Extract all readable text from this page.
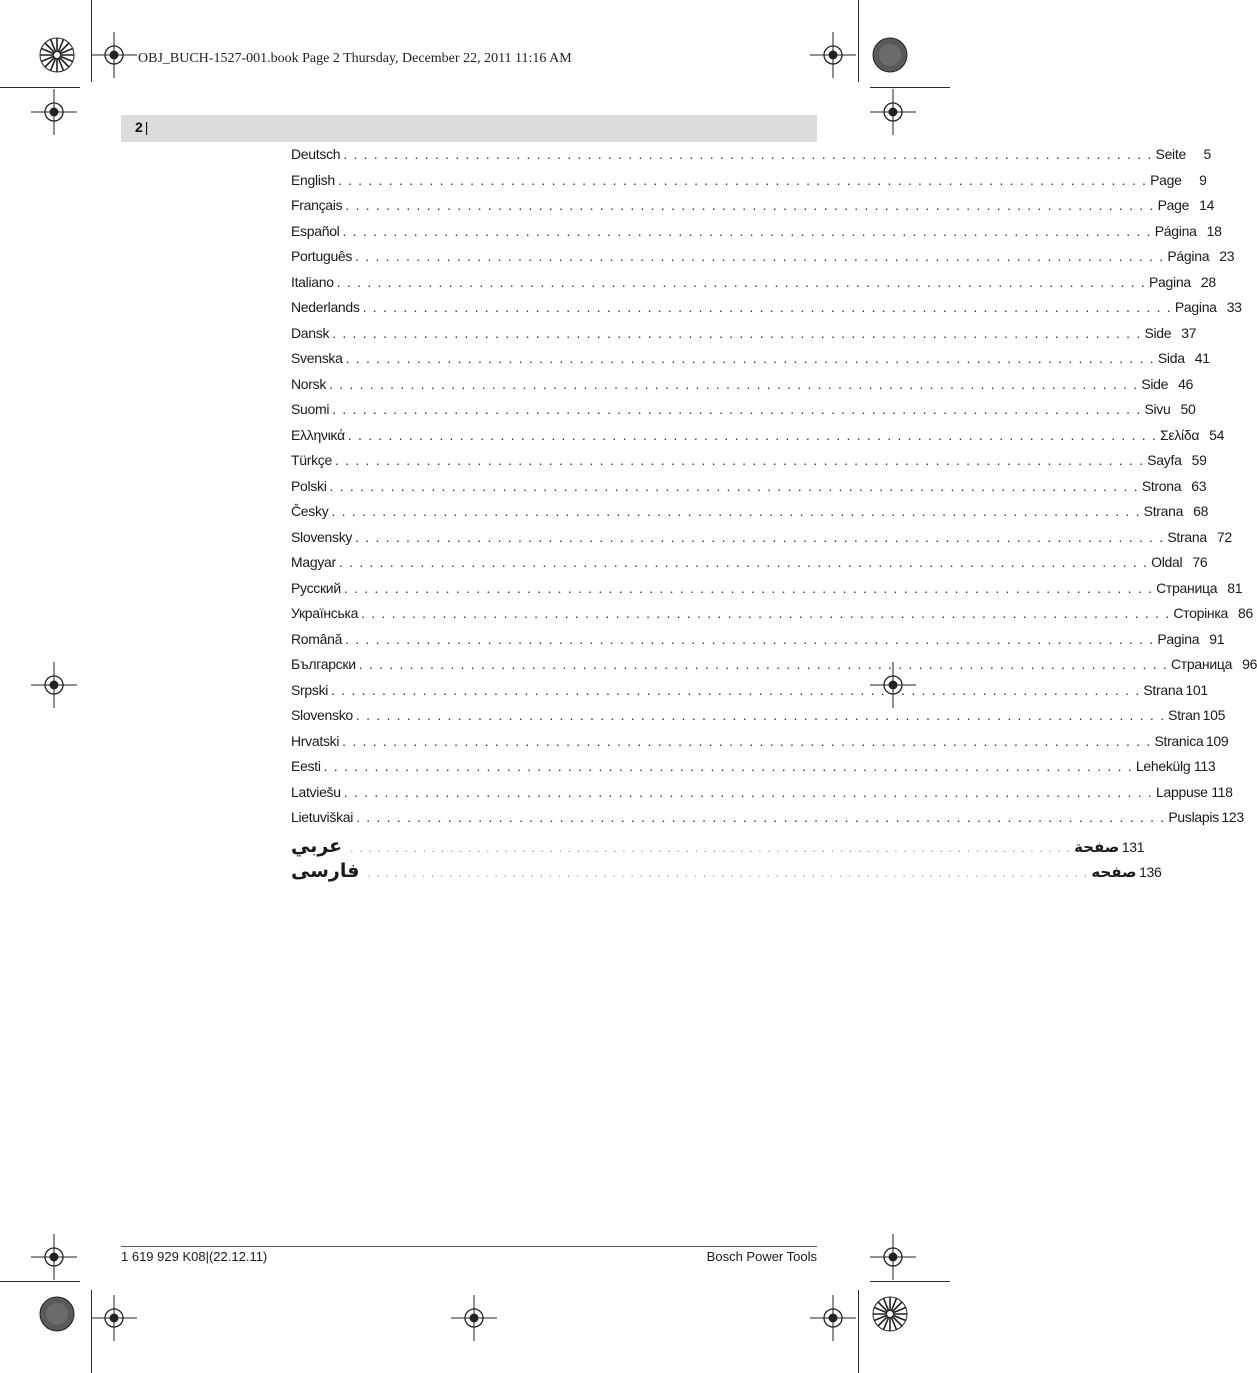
OBJ_BUCH-1527-001.book Page 2 Thursday, December 22, 2011 11:16 AM
2 |
Deutsch . . . . . . . . . . . . . . . . . . . . . . . . . . . . . . . . . . . . . . . . . . . . . . . . . . . . . . . . . . . . . . . . . . . . . . . . . . . . . . . . Seite	5
English . . . . . . . . . . . . . . . . . . . . . . . . . . . . . . . . . . . . . . . . . . . . . . . . . . . . . . . . . . . . . . . . . . . . . . . . . . . . . . . . Page	9
Français . . . . . . . . . . . . . . . . . . . . . . . . . . . . . . . . . . . . . . . . . . . . . . . . . . . . . . . . . . . . . . . . . . . . . . . . . . . . . . . . Page 14
Español . . . . . . . . . . . . . . . . . . . . . . . . . . . . . . . . . . . . . . . . . . . . . . . . . . . . . . . . . . . . . . . . . . . . . . . . . . . . . . . . Página 18
Português . . . . . . . . . . . . . . . . . . . . . . . . . . . . . . . . . . . . . . . . . . . . . . . . . . . . . . . . . . . . . . . . . . . . . . . . . . . . . . . . Página 23
Italiano . . . . . . . . . . . . . . . . . . . . . . . . . . . . . . . . . . . . . . . . . . . . . . . . . . . . . . . . . . . . . . . . . . . . . . . . . . . . . . . . Pagina 28
Nederlands . . . . . . . . . . . . . . . . . . . . . . . . . . . . . . . . . . . . . . . . . . . . . . . . . . . . . . . . . . . . . . . . . . . . . . . . . . . . . . . . Pagina 33
Dansk . . . . . . . . . . . . . . . . . . . . . . . . . . . . . . . . . . . . . . . . . . . . . . . . . . . . . . . . . . . . . . . . . . . . . . . . . . . . . . . . Side 37
Svenska . . . . . . . . . . . . . . . . . . . . . . . . . . . . . . . . . . . . . . . . . . . . . . . . . . . . . . . . . . . . . . . . . . . . . . . . . . . . . . . . Sida 41
Norsk . . . . . . . . . . . . . . . . . . . . . . . . . . . . . . . . . . . . . . . . . . . . . . . . . . . . . . . . . . . . . . . . . . . . . . . . . . . . . . . . Side 46
Suomi . . . . . . . . . . . . . . . . . . . . . . . . . . . . . . . . . . . . . . . . . . . . . . . . . . . . . . . . . . . . . . . . . . . . . . . . . . . . . . . . Sivu 50
Ελληνικά . . . . . . . . . . . . . . . . . . . . . . . . . . . . . . . . . . . . . . . . . . . . . . . . . . . . . . . . . . . . . . . . . . . . . . . . . . . . . . . . Σελίδα 54
Türkçe . . . . . . . . . . . . . . . . . . . . . . . . . . . . . . . . . . . . . . . . . . . . . . . . . . . . . . . . . . . . . . . . . . . . . . . . . . . . . . . . Sayfa 59
Polski . . . . . . . . . . . . . . . . . . . . . . . . . . . . . . . . . . . . . . . . . . . . . . . . . . . . . . . . . . . . . . . . . . . . . . . . . . . . . . . . Strona 63
Česky . . . . . . . . . . . . . . . . . . . . . . . . . . . . . . . . . . . . . . . . . . . . . . . . . . . . . . . . . . . . . . . . . . . . . . . . . . . . . . . . Strana 68
Slovensky . . . . . . . . . . . . . . . . . . . . . . . . . . . . . . . . . . . . . . . . . . . . . . . . . . . . . . . . . . . . . . . . . . . . . . . . . . . . . . . . Strana 72
Magyar . . . . . . . . . . . . . . . . . . . . . . . . . . . . . . . . . . . . . . . . . . . . . . . . . . . . . . . . . . . . . . . . . . . . . . . . . . . . . . . . Oldal 76
Русский . . . . . . . . . . . . . . . . . . . . . . . . . . . . . . . . . . . . . . . . . . . . . . . . . . . . . . . . . . . . . . . . . . . . . . . . . . . . . . . . Страница 81
Українська . . . . . . . . . . . . . . . . . . . . . . . . . . . . . . . . . . . . . . . . . . . . . . . . . . . . . . . . . . . . . . . . . . . . . . . . . . . . . . . . Сторінка 86
Română . . . . . . . . . . . . . . . . . . . . . . . . . . . . . . . . . . . . . . . . . . . . . . . . . . . . . . . . . . . . . . . . . . . . . . . . . . . . . . . . Pagina 91
Български . . . . . . . . . . . . . . . . . . . . . . . . . . . . . . . . . . . . . . . . . . . . . . . . . . . . . . . . . . . . . . . . . . . . . . . . . . . . . . . . Страница 96
Srpski . . . . . . . . . . . . . . . . . . . . . . . . . . . . . . . . . . . . . . . . . . . . . . . . . . . . . . . . . . . . . . . . . . . . . . . . . . . . . . . . Strana 101
Slovensko . . . . . . . . . . . . . . . . . . . . . . . . . . . . . . . . . . . . . . . . . . . . . . . . . . . . . . . . . . . . . . . . . . . . . . . . . . . . . . . . Stran 105
Hrvatski . . . . . . . . . . . . . . . . . . . . . . . . . . . . . . . . . . . . . . . . . . . . . . . . . . . . . . . . . . . . . . . . . . . . . . . . . . . . . . . . Stranica 109
Eesti . . . . . . . . . . . . . . . . . . . . . . . . . . . . . . . . . . . . . . . . . . . . . . . . . . . . . . . . . . . . . . . . . . . . . . . . . . . . . . . . Lehekülg 113
Latviešu . . . . . . . . . . . . . . . . . . . . . . . . . . . . . . . . . . . . . . . . . . . . . . . . . . . . . . . . . . . . . . . . . . . . . . . . . . . . . . . . Lappuse 118
Lietuviškai . . . . . . . . . . . . . . . . . . . . . . . . . . . . . . . . . . . . . . . . . . . . . . . . . . . . . . . . . . . . . . . . . . . . . . . . . . . . . . . . Puslapis 123
عربي . . . . . . . . . . . . . . . . . . . . . . . . . . . . . . . . . . . . . . . . . . . . . . . . . . . . . . . . . . . . . . . . . . . . . . . . . . . . . . . . صفحة 131
فارسی . . . . . . . . . . . . . . . . . . . . . . . . . . . . . . . . . . . . . . . . . . . . . . . . . . . . . . . . . . . . . . . . . . . . . . . . . . . . . . . . صفحه 136
1 619 929 K08|(22.12.11)	Bosch Power Tools
